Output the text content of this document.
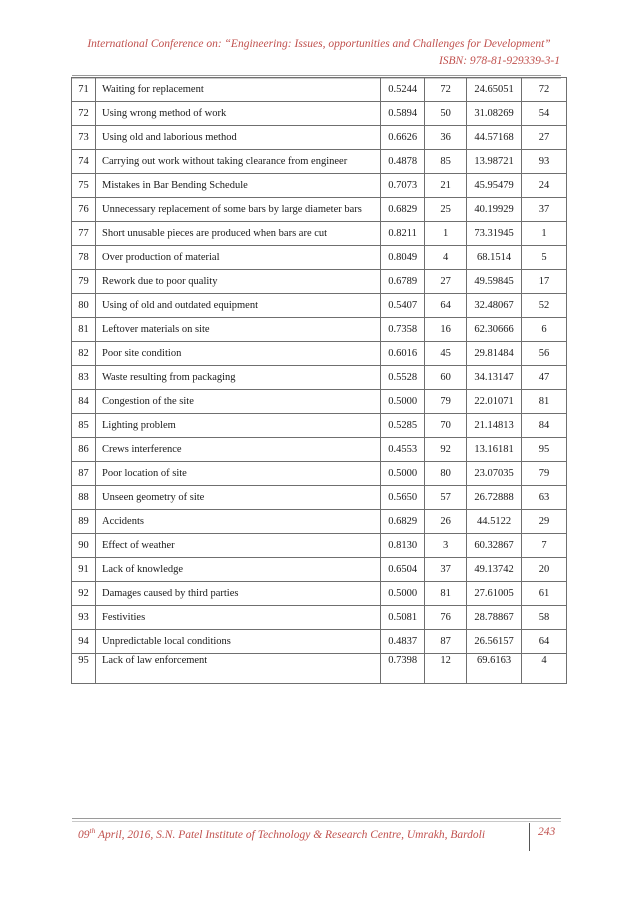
International Conference on: “Engineering: Issues, opportunities and Challenges for Development”
ISBN: 978-81-929339-3-1
71	Waiting for replacement	0.5244	72	24.65051	72
72	Using wrong method of work	0.5894	50	31.08269	54
73	Using old and laborious method	0.6626	36	44.57168	27
74	Carrying out work without taking clearance from engineer	0.4878	85	13.98721	93
75	Mistakes in Bar Bending Schedule	0.7073	21	45.95479	24
76	Unnecessary replacement of some bars by large diameter bars	0.6829	25	40.19929	37
77	Short unusable pieces are produced when bars are cut	0.8211	1	73.31945	1
78	Over production of material	0.8049	4	68.1514	5
79	Rework due to poor quality	0.6789	27	49.59845	17
80	Using of old and outdated equipment	0.5407	64	32.48067	52
81	Leftover materials on site	0.7358	16	62.30666	6
82	Poor site condition	0.6016	45	29.81484	56
83	Waste resulting from packaging	0.5528	60	34.13147	47
84	Congestion of the site	0.5000	79	22.01071	81
85	Lighting problem	0.5285	70	21.14813	84
86	Crews interference	0.4553	92	13.16181	95
87	Poor location of site	0.5000	80	23.07035	79
88	Unseen geometry of site	0.5650	57	26.72888	63
89	Accidents	0.6829	26	44.5122	29
90	Effect of weather	0.8130	3	60.32867	7
91	Lack of knowledge	0.6504	37	49.13742	20
92	Damages caused by third parties	0.5000	81	27.61005	61
93	Festivities	0.5081	76	28.78867	58
94	Unpredictable local conditions	0.4837	87	26.56157	64
95	Lack of law enforcement	0.7398	12	69.6163	4
09th April, 2016, S.N. Patel Institute of Technology & Research Centre, Umrakh, Bardoli	243
